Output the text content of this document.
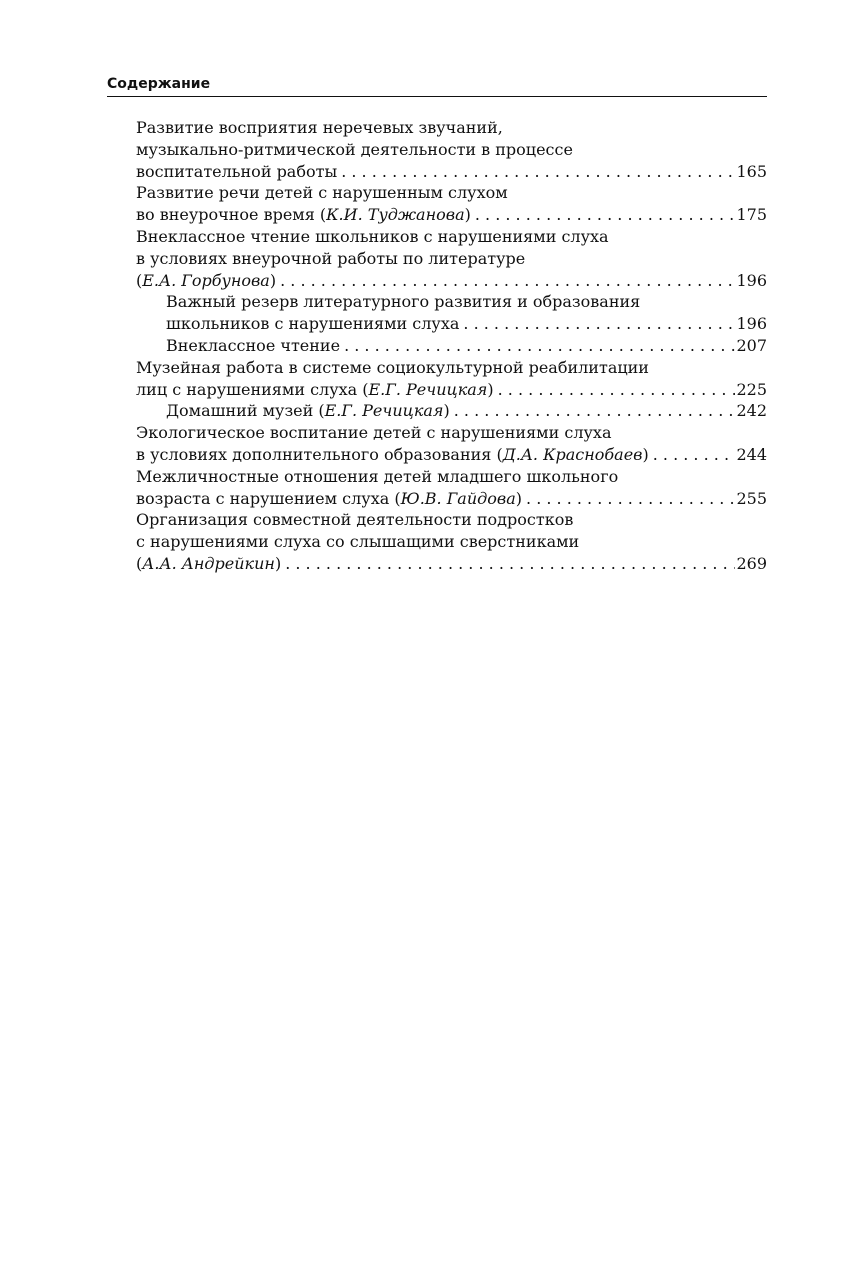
Содержание
Развитие восприятия неречевых звучаний,
музыкально-ритмической деятельности в процессе
воспитательной работы . . .	165
Развитие речи детей с нарушенным слухом
во внеурочное время (К.И. Туджанова) . . .	175
Внеклассное чтение школьников с нарушениями слуха
в условиях внеурочной работы по литературе
(Е.А. Горбунова) . . .	196
Важный резерв литературного развития и образования
школьников с нарушениями слуха . . .	196
Внеклассное чтение . . .	207
Музейная работа в системе социокультурной реабилитации
лиц с нарушениями слуха (Е.Г. Речицкая) . . .	225
Домашний музей (Е.Г. Речицкая) . . .	242
Экологическое воспитание детей с нарушениями слуха
в условиях дополнительного образования (Д.А. Краснобаев) . . .	244
Межличностные отношения детей младшего школьного
возраста с нарушением слуха (Ю.В. Гайдова) . . .	255
Организация совместной деятельности подростков
с нарушениями слуха со слышащими сверстниками
(А.А. Андрейкин) . . .	269
